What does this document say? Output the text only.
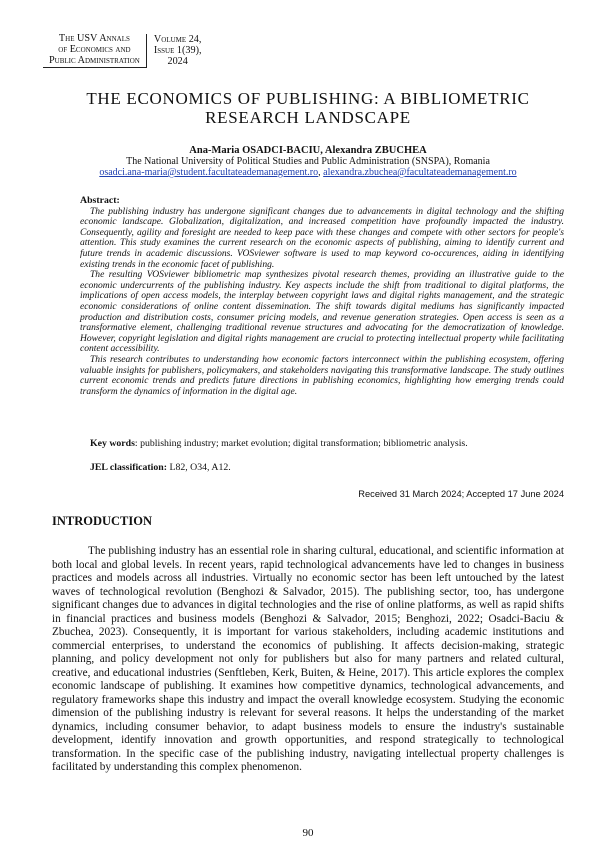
The USV Annals
of Economics and
Public Administration
Volume 24,
Issue 1(39),
2024
THE ECONOMICS OF PUBLISHING: A BIBLIOMETRIC
RESEARCH LANDSCAPE
Ana-Maria OSADCI-BACIU, Alexandra ZBUCHEA
The National University of Political Studies and Public Administration (SNSPA), Romania
osadci.ana-maria@student.facultateademanagement.ro, alexandra.zbuchea@facultateademanagement.ro
Abstract:

The publishing industry has undergone significant changes due to advancements in digital technology and the shifting economic landscape. Globalization, digitalization, and increased competition have profoundly impacted the industry. Consequently, agility and foresight are needed to keep pace with these changes and compete with other sectors for people's attention. This study examines the current research on the economic aspects of publishing, aiming to identify current and future trends in academic discussions. VOSviewer software is used to map keyword co-occurences, aiding in identifying existing trends in the economic facet of publishing.

The resulting VOSviewer bibliometric map synthesizes pivotal research themes, providing an illustrative guide to the economic undercurrents of the publishing industry. Key aspects include the shift from traditional to digital platforms, the implications of open access models, the interplay between copyright laws and digital rights management, and the strategic economic considerations of online content dissemination. The shift towards digital mediums has significantly impacted production and distribution costs, consumer pricing models, and revenue generation strategies. Open access is seen as a transformative element, challenging traditional revenue structures and advocating for the democratization of knowledge. However, copyright legislation and digital rights management are crucial to protecting intellectual property while facilitating content accessibility.

This research contributes to understanding how economic factors interconnect within the publishing ecosystem, offering valuable insights for publishers, policymakers, and stakeholders navigating this transformative landscape. The study outlines current economic trends and predicts future directions in publishing economics, highlighting how emerging trends could transform the dynamics of information in the digital age.

Key words: publishing industry; market evolution; digital transformation; bibliometric analysis.
JEL classification: L82, O34, A12.
Received 31 March 2024; Accepted 17 June 2024
INTRODUCTION

The publishing industry has an essential role in sharing cultural, educational, and scientific information at both local and global levels. In recent years, rapid technological advancements have led to changes in business practices and models across all industries. Virtually no economic sector has been left untouched by the latest waves of technological revolution (Benghozi & Salvador, 2015). The publishing sector, too, has undergone significant changes due to advances in digital technologies and the rise of online platforms, as well as rapid shifts in financial practices and business models (Benghozi & Salvador, 2015; Benghozi, 2022; Osadci-Baciu & Zbuchea, 2023). Consequently, it is important for various stakeholders, including academic institutions and commercial enterprises, to understand the economics of publishing. It affects decision-making, strategic planning, and policy development not only for publishers but also for many partners and related cultural, creative, and educational industries (Senftleben, Kerk, Buiten, & Heine, 2017). This article explores the complex economic landscape of publishing. It examines how competitive dynamics, technological advancements, and regulatory frameworks shape this industry and impact the overall knowledge ecosystem. Studying the economic dimension of the publishing industry is relevant for several reasons. It helps the understanding of the market dynamics, including consumer behavior, to adapt business models to ensure the industry's sustainable development, identify innovation and growth opportunities, and respond strategically to technological transformation. In the specific case of the publishing industry, navigating intellectual property challenges is facilitated by understanding this complex phenomenon.

90
